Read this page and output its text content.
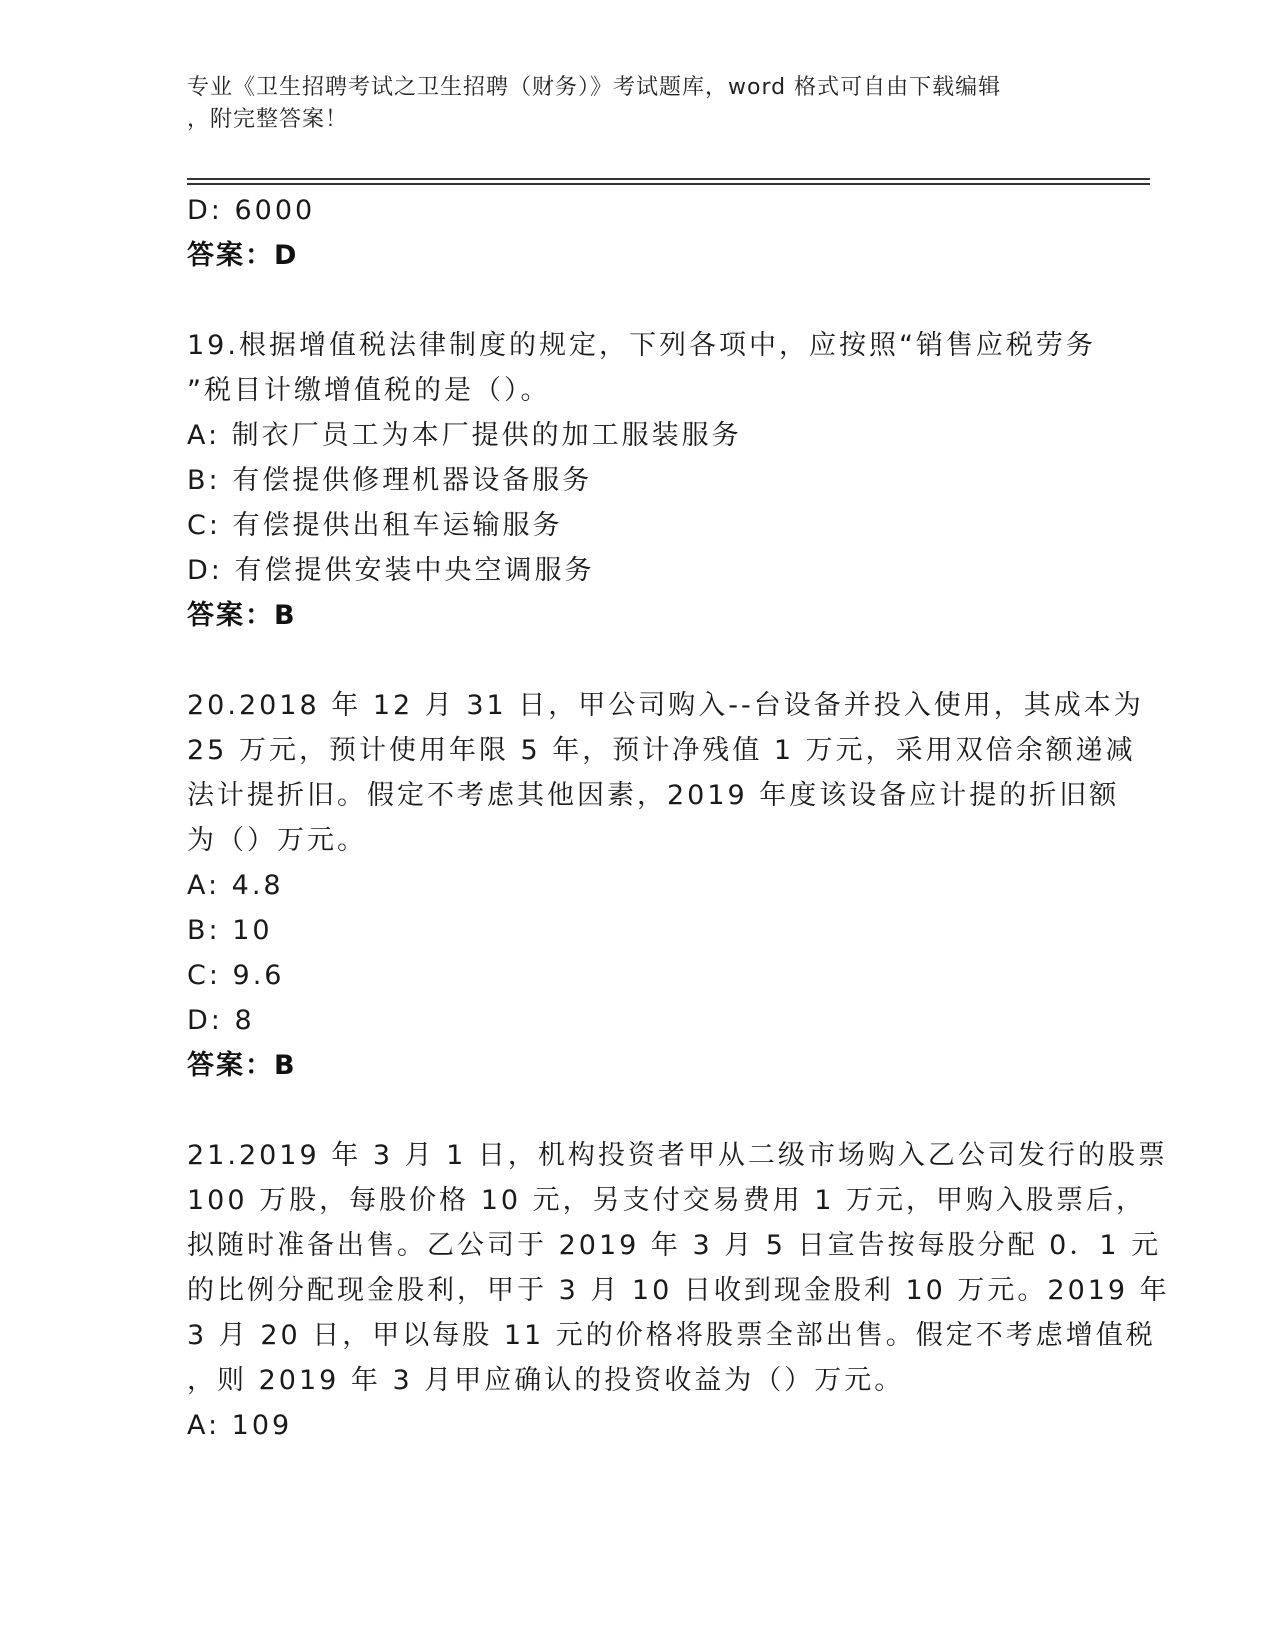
专业《卫生招聘考试之卫生招聘（财务）》考试题库，word 格式可自由下载编辑
，附完整答案！
D: 6000
答案：D
19.根据增值税法律制度的规定，下列各项中，应按照“销售应税劳务
”税目计缴增值税的是（）。
A: 制衣厂员工为本厂提供的加工服装服务
B: 有偿提供修理机器设备服务
C: 有偿提供出租车运输服务
D: 有偿提供安装中央空调服务
答案：B
20.2018 年 12 月 31 日，甲公司购入--台设备并投入使用，其成本为
25 万元，预计使用年限 5 年，预计净残值 1 万元，采用双倍余额递减
法计提折旧。假定不考虑其他因素，2019 年度该设备应计提的折旧额
为（）万元。
A: 4.8
B: 10
C: 9.6
D: 8
答案：B
21.2019 年 3 月 1 日，机构投资者甲从二级市场购入乙公司发行的股票
100 万股，每股价格 10 元，另支付交易费用 1 万元，甲购入股票后，
拟随时准备出售。乙公司于 2019 年 3 月 5 日宣告按每股分配 0．1 元
的比例分配现金股利，甲于 3 月 10 日收到现金股利 10 万元。2019 年
3 月 20 日，甲以每股 11 元的价格将股票全部出售。假定不考虑增值税
，则 2019 年 3 月甲应确认的投资收益为（）万元。
A: 109
